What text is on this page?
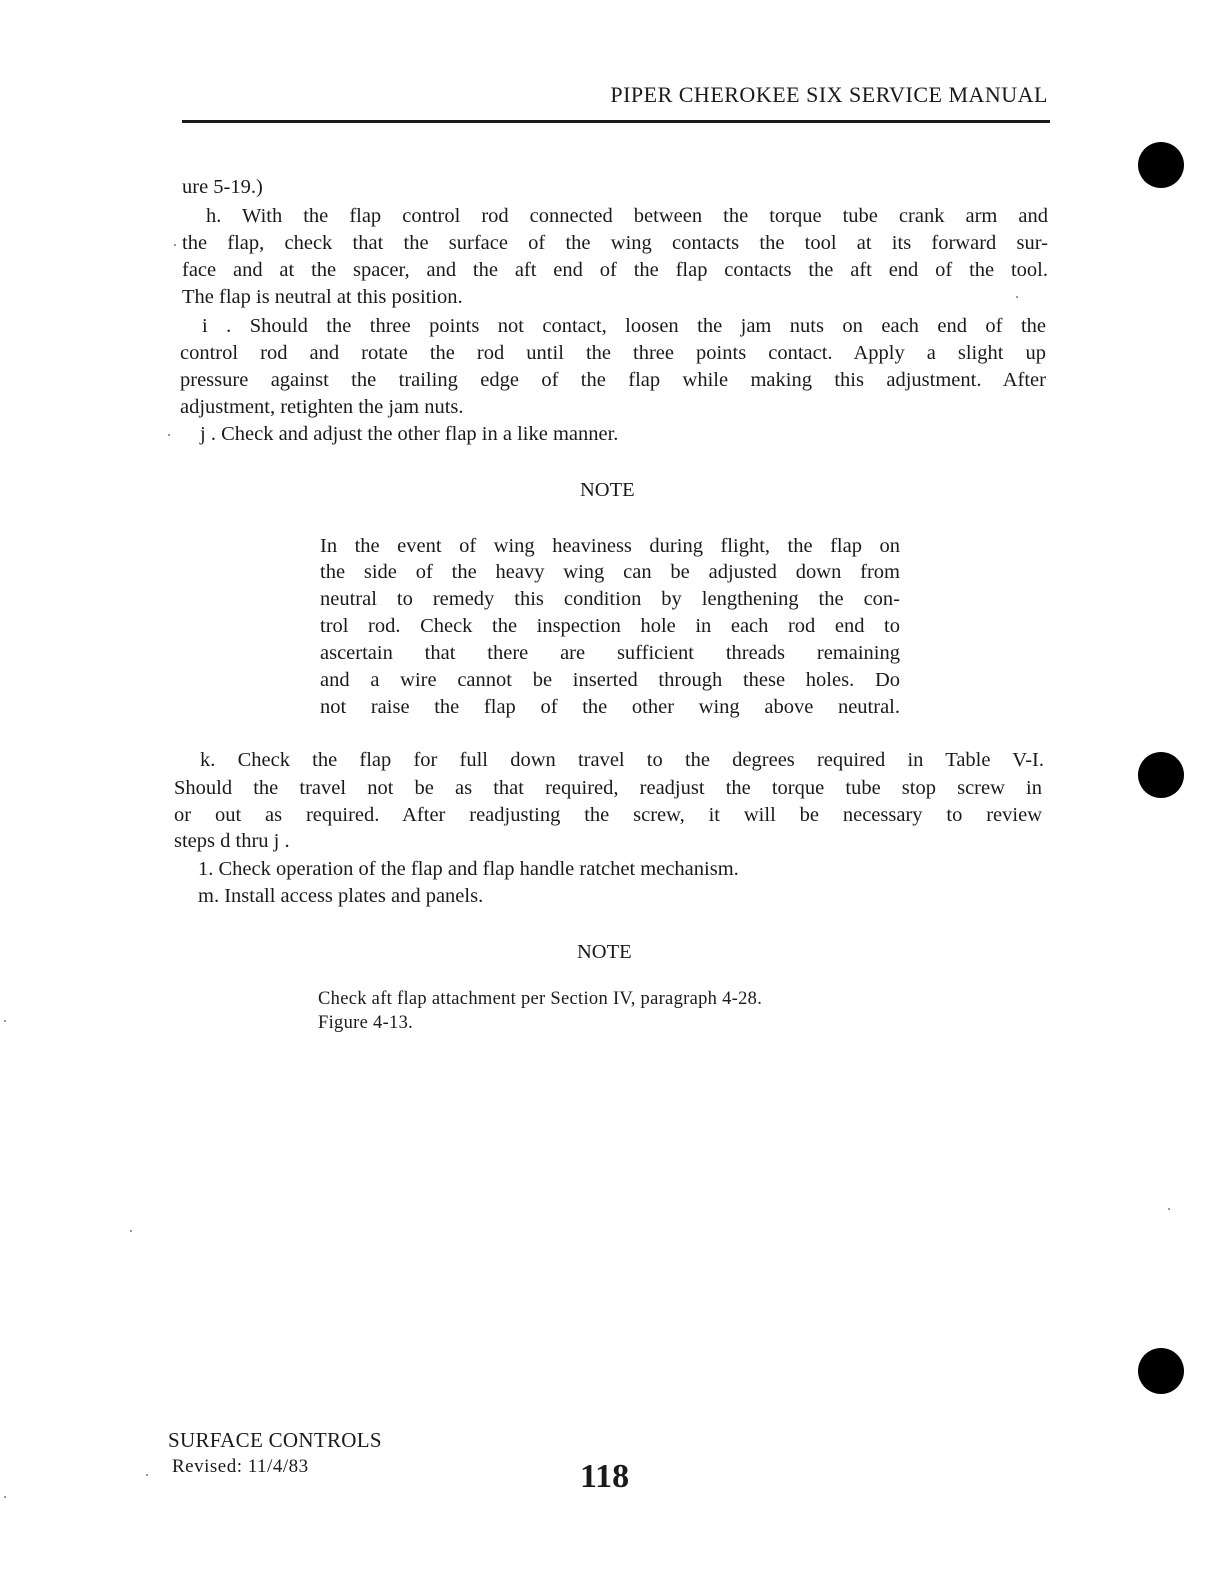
PIPER CHEROKEE SIX SERVICE MANUAL
ure 5-19.)
h. With the flap control rod connected between the torque tube crank arm and
the flap, check that the surface of the wing contacts the tool at its forward sur-
face and at the spacer, and the aft end of the flap contacts the aft end of the tool.
The flap is neutral at this position.
i . Should the three points not contact, loosen the jam nuts on each end of the
control rod and rotate the rod until the three points contact. Apply a slight up
pressure against the trailing edge of the flap while making this adjustment. After
adjustment, retighten the jam nuts.
j . Check and adjust the other flap in a like manner.
NOTE
In the event of wing heaviness during flight, the flap on
the side of the heavy wing can be adjusted down from
neutral to remedy this condition by lengthening the con-
trol rod. Check the inspection hole in each rod end to
ascertain that there are sufficient threads remaining
and a wire cannot be inserted through these holes. Do
not raise the flap of the other wing above neutral.
k. Check the flap for full down travel to the degrees required in Table V-I.
Should the travel not be as that required, readjust the torque tube stop screw in
or out as required. After readjusting the screw, it will be necessary to review
steps d thru j .
1. Check operation of the flap and flap handle ratchet mechanism.
m. Install access plates and panels.
NOTE
Check aft flap attachment per Section IV, paragraph 4-28.
Figure 4-13.
SURFACE CONTROLS
Revised: 11/4/83	118
